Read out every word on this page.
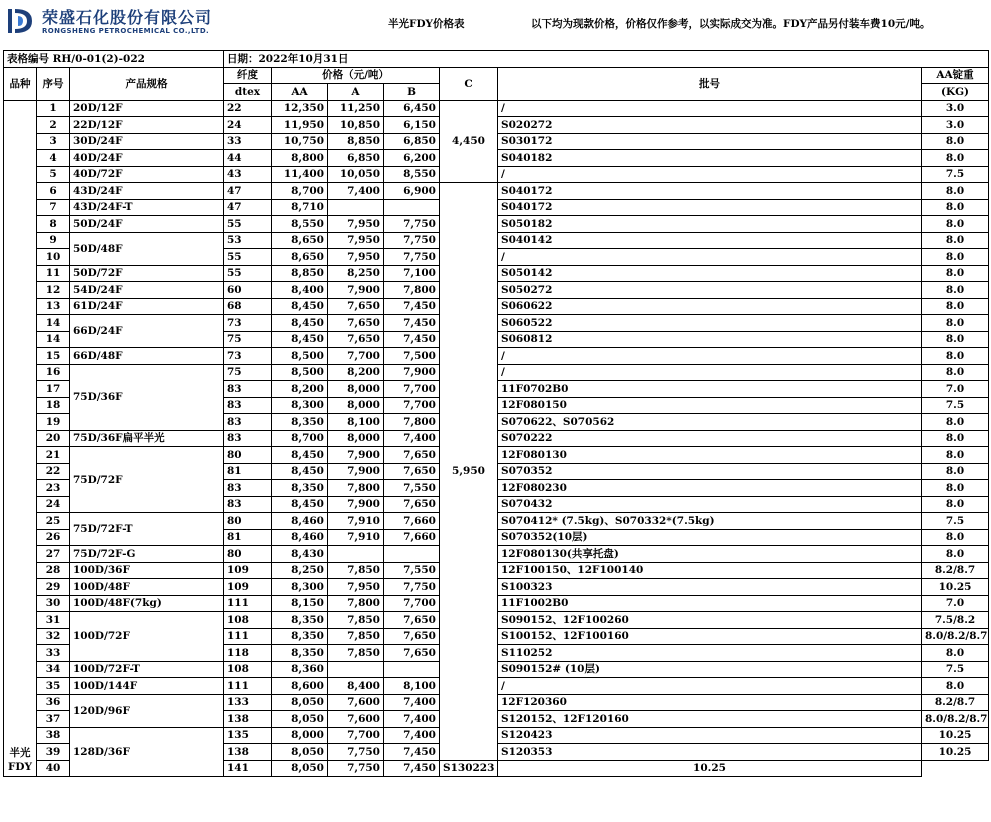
荣盛石化股份有限公司
RONGSHENG PETROCHEMICAL CO.,LTD.
半光FDY价格表	以下均为现款价格，价格仅作参考，以实际成交为准。FDY产品另付装车费10元/吨。
表格编号 RH/0-01(2)-022			日期：2022年10月31日						
品种	序号	产品规格	纤度	价格（元/吨）			C	批号	AA锭重
			dtex	AA	A	B			(KG)
半光
FDY	1	20D/12F	22	12,350	11,250	6,450	4,450	/	3.0
	2	22D/12F	24	11,950	10,850	6,150		S020272	3.0
	3	30D/24F	33	10,750	8,850	6,850		S030172	8.0
	4	40D/24F	44	8,800	6,850	6,200		S040182	8.0
	5	40D/72F	43	11,400	10,050	8,550		/	7.5
	6	43D/24F	47	8,700	7,400	6,900	5,950	S040172	8.0
	7	43D/24F-T	47	8,710				S040172	8.0
	8	50D/24F	55	8,550	7,950	7,750		S050182	8.0
	9	50D/48F	53	8,650	7,950	7,750		S040142	8.0
	10		55	8,650	7,950	7,750		/	8.0
	11	50D/72F	55	8,850	8,250	7,100		S050142	8.0
	12	54D/24F	60	8,400	7,900	7,800		S050272	8.0
	13	61D/24F	68	8,450	7,650	7,450		S060622	8.0
	14	66D/24F	73	8,450	7,650	7,450		S060522	8.0
	14		75	8,450	7,650	7,450		S060812	8.0
	15	66D/48F	73	8,500	7,700	7,500		/	8.0
	16	75D/36F	75	8,500	8,200	7,900		/	8.0
	17		83	8,200	8,000	7,700		11F0702B0	7.0
	18		83	8,300	8,000	7,700		12F080150	7.5
	19		83	8,350	8,100	7,800		S070622、S070562	8.0
	20	75D/36F扁平半光	83	8,700	8,000	7,400		S070222	8.0
	21	75D/72F	80	8,450	7,900	7,650		12F080130	8.0
	22		81	8,450	7,900	7,650		S070352	8.0
	23		83	8,350	7,800	7,550		12F080230	8.0
	24		83	8,450	7,900	7,650		S070432	8.0
	25	75D/72F-T	80	8,460	7,910	7,660		S070412* (7.5kg)、S070332*(7.5kg)	7.5
	26		81	8,460	7,910	7,660		S070352(10层)	8.0
	27	75D/72F-G	80	8,430				12F080130(共享托盘)	8.0
	28	100D/36F	109	8,250	7,850	7,550		12F100150、12F100140	8.2/8.7
	29	100D/48F	109	8,300	7,950	7,750		S100323	10.25
	30	100D/48F(7kg)	111	8,150	7,800	7,700		11F1002B0	7.0
	31	100D/72F	108	8,350	7,850	7,650		S090152、12F100260	7.5/8.2
	32		111	8,350	7,850	7,650		S100152、12F100160	8.0/8.2/8.7
	33		118	8,350	7,850	7,650		S110252	8.0
	34	100D/72F-T	108	8,360				S090152# (10层)	7.5
	35	100D/144F	111	8,600	8,400	8,100		/	8.0
	36	120D/96F	133	8,050	7,600	7,400		12F120360	8.2/8.7
	37		138	8,050	7,600	7,400		S120152、12F120160	8.0/8.2/8.7
	38	128D/36F	135	8,000	7,700	7,400		S120423	10.25
	39		138	8,050	7,750	7,450		S120353	10.25
	40		141	8,050	7,750	7,450	S130223	10.25	
